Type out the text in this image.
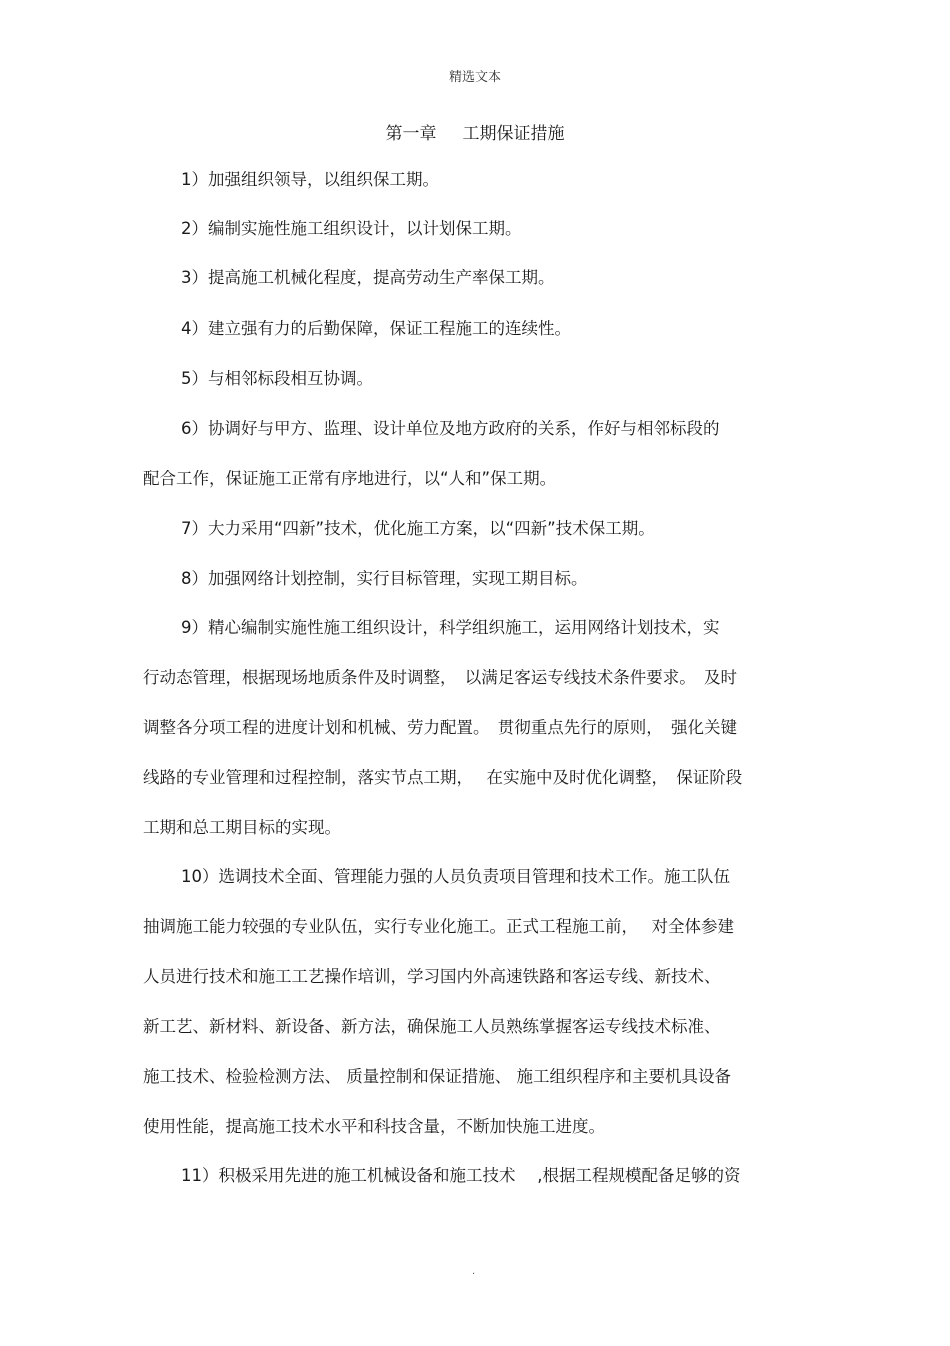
精选文本
第一章 工期保证措施
1）加强组织领导，以组织保工期。
2）编制实施性施工组织设计，以计划保工期。
3）提高施工机械化程度，提高劳动生产率保工期。
4）建立强有力的后勤保障，保证工程施工的连续性。
5）与相邻标段相互协调。
6）协调好与甲方、监理、设计单位及地方政府的关系，作好与相邻标段的
配合工作，保证施工正常有序地进行，以“人和”保工期。
7）大力采用“四新”技术，优化施工方案，以“四新”技术保工期。
8）加强网络计划控制，实行目标管理，实现工期目标。
9）精心编制实施性施工组织设计，科学组织施工，运用网络计划技术，实
行动态管理，根据现场地质条件及时调整，　以满足客运专线技术条件要求。　及时
调整各分项工程的进度计划和机械、劳力配置。　贯彻重点先行的原则，　强化关键
线路的专业管理和过程控制，落实节点工期，　 在实施中及时优化调整，　保证阶段
工期和总工期目标的实现。
10）选调技术全面、管理能力强的人员负责项目管理和技术工作。施工队伍
抽调施工能力较强的专业队伍，实行专业化施工。正式工程施工前，　 对全体参建
人员进行技术和施工工艺操作培训，学习国内外高速铁路和客运专线、新技术、
新工艺、新材料、新设备、新方法，确保施工人员熟练掌握客运专线技术标准、
施工技术、检验检测方法、 质量控制和保证措施、 施工组织程序和主要机具设备
使用性能，提高施工技术水平和科技含量，不断加快施工进度。
11）积极采用先进的施工机械设备和施工技术　 ,根据工程规模配备足够的资
.
